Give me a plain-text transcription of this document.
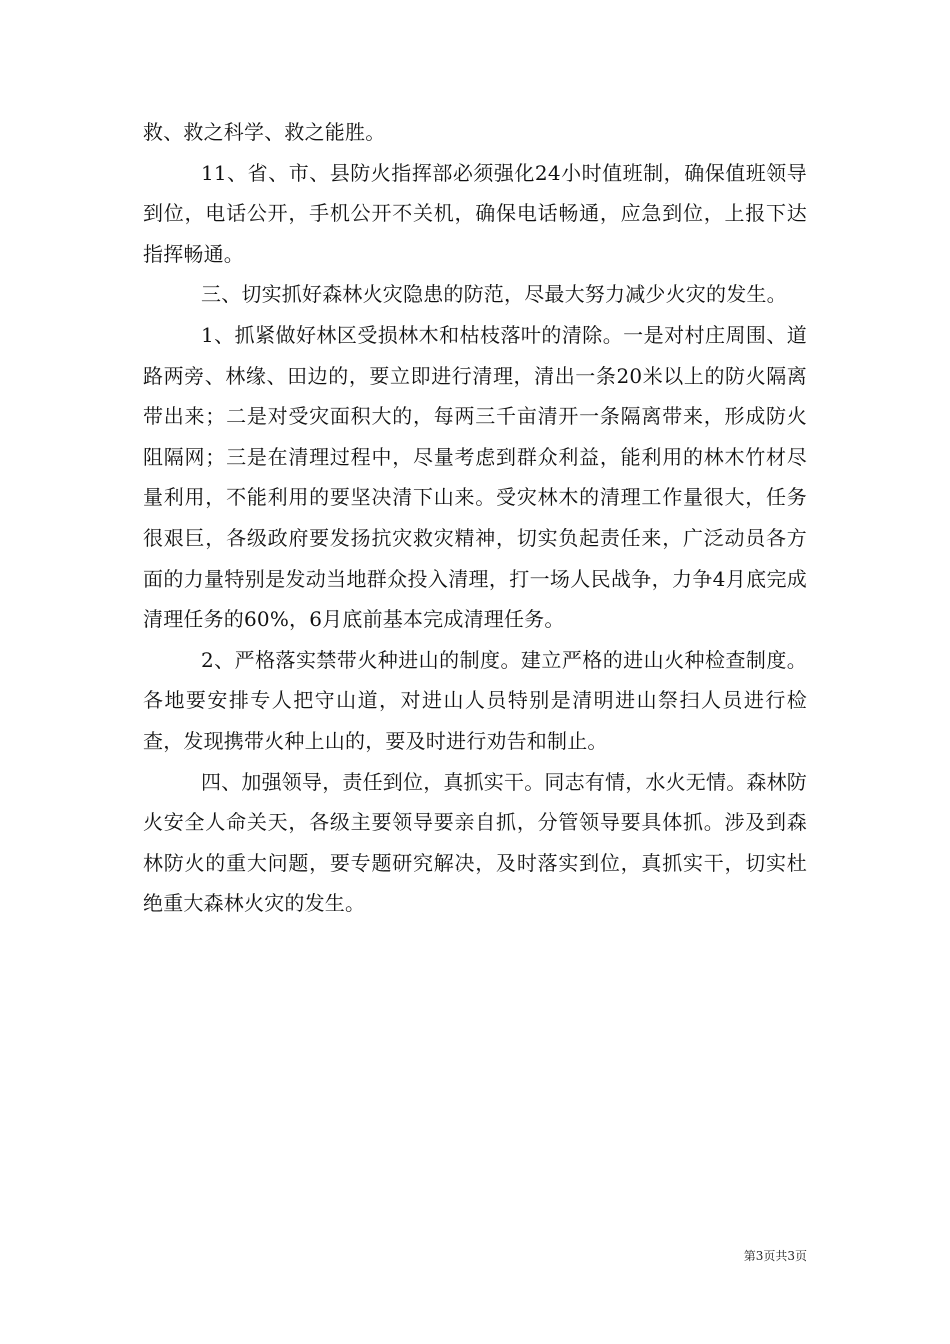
救、救之科学、救之能胜。

11、省、市、县防火指挥部必须强化24小时值班制，确保值班领导到位，电话公开，手机公开不关机，确保电话畅通，应急到位，上报下达指挥畅通。

三、切实抓好森林火灾隐患的防范，尽最大努力减少火灾的发生。

1、抓紧做好林区受损林木和枯枝落叶的清除。一是对村庄周围、道路两旁、林缘、田边的，要立即进行清理，清出一条20米以上的防火隔离带出来；二是对受灾面积大的，每两三千亩清开一条隔离带来，形成防火阻隔网；三是在清理过程中，尽量考虑到群众利益，能利用的林木竹材尽量利用，不能利用的要坚决清下山来。受灾林木的清理工作量很大，任务很艰巨，各级政府要发扬抗灾救灾精神，切实负起责任来，广泛动员各方面的力量特别是发动当地群众投入清理，打一场人民战争，力争4月底完成清理任务的60%，6月底前基本完成清理任务。

2、严格落实禁带火种进山的制度。建立严格的进山火种检查制度。各地要安排专人把守山道，对进山人员特别是清明进山祭扫人员进行检查，发现携带火种上山的，要及时进行劝告和制止。

四、加强领导，责任到位，真抓实干。同志有情，水火无情。森林防火安全人命关天，各级主要领导要亲自抓，分管领导要具体抓。涉及到森林防火的重大问题，要专题研究解决，及时落实到位，真抓实干，切实杜绝重大森林火灾的发生。

第3页共3页
